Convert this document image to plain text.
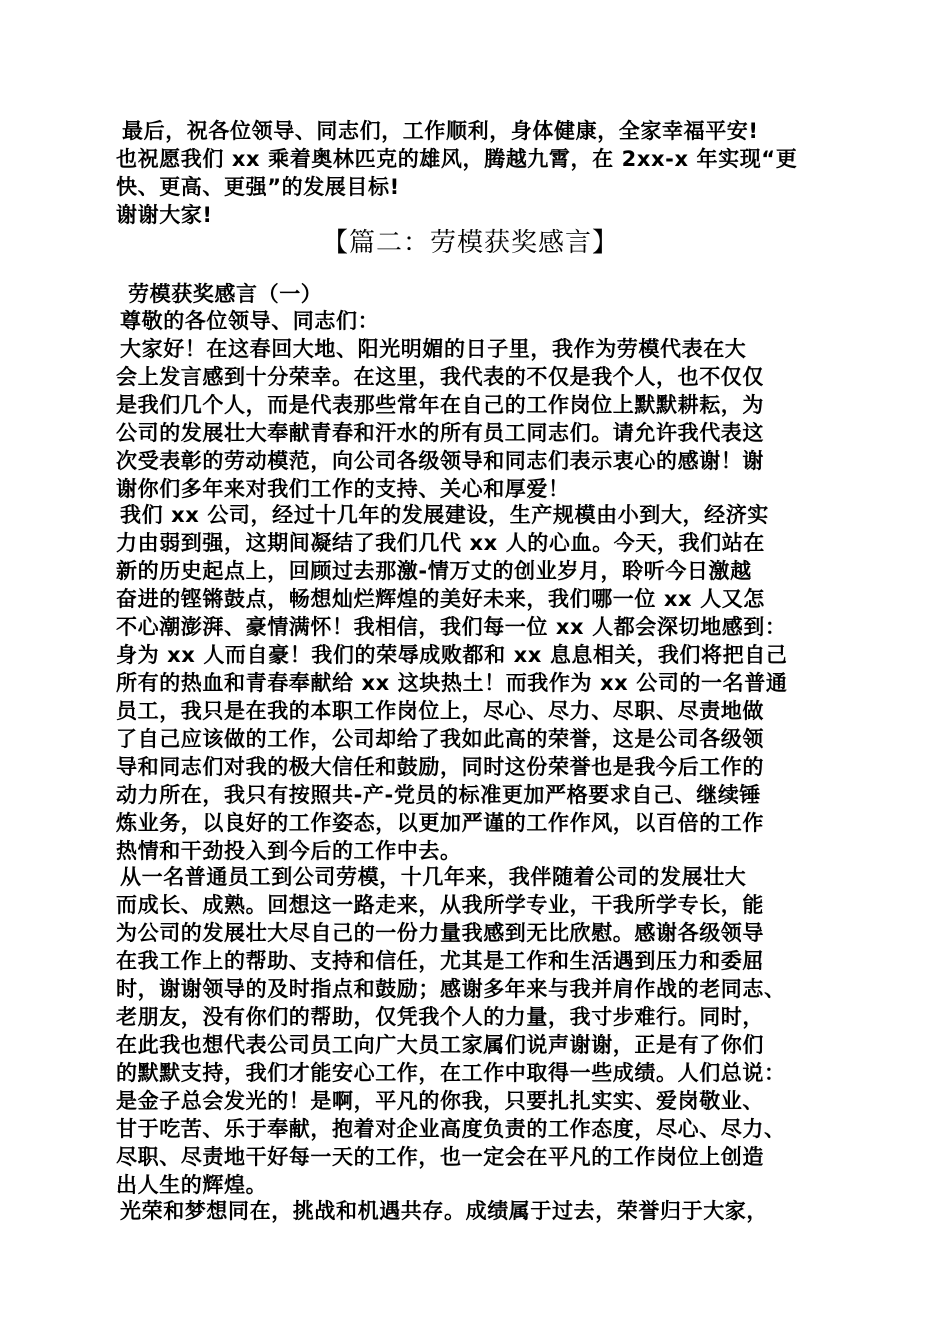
最后，祝各位领导、同志们，工作顺利，身体健康，全家幸福平安!
也祝愿我们 xx 乘着奥林匹克的雄风，腾越九霄，在 2xx-x 年实现“更
快、更高、更强”的发展目标!
谢谢大家!
【篇二：劳模获奖感言】
劳模获奖感言（一）
尊敬的各位领导、同志们：
大家好！在这春回大地、阳光明媚的日子里，我作为劳模代表在大
会上发言感到十分荣幸。在这里，我代表的不仅是我个人，也不仅仅
是我们几个人，而是代表那些常年在自己的工作岗位上默默耕耘，为
公司的发展壮大奉献青春和汗水的所有员工同志们。请允许我代表这
次受表彰的劳动模范，向公司各级领导和同志们表示衷心的感谢！谢
谢你们多年来对我们工作的支持、关心和厚爱！
我们 xx 公司，经过十几年的发展建设，生产规模由小到大，经济实
力由弱到强，这期间凝结了我们几代 xx 人的心血。今天，我们站在
新的历史起点上，回顾过去那激-情万丈的创业岁月，聆听今日激越
奋进的铿锵鼓点，畅想灿烂辉煌的美好未来，我们哪一位 xx 人又怎
不心潮澎湃、豪情满怀！我相信，我们每一位 xx 人都会深切地感到：
身为 xx 人而自豪！我们的荣辱成败都和 xx 息息相关，我们将把自己
所有的热血和青春奉献给 xx 这块热土！而我作为 xx 公司的一名普通
员工，我只是在我的本职工作岗位上，尽心、尽力、尽职、尽责地做
了自己应该做的工作，公司却给了我如此高的荣誉，这是公司各级领
导和同志们对我的极大信任和鼓励，同时这份荣誉也是我今后工作的
动力所在，我只有按照共-产-党员的标准更加严格要求自己、继续锤
炼业务，以良好的工作姿态，以更加严谨的工作作风，以百倍的工作
热情和干劲投入到今后的工作中去。
从一名普通员工到公司劳模，十几年来，我伴随着公司的发展壮大
而成长、成熟。回想这一路走来，从我所学专业，干我所学专长，能
为公司的发展壮大尽自己的一份力量我感到无比欣慰。感谢各级领导
在我工作上的帮助、支持和信任，尤其是工作和生活遇到压力和委屈
时，谢谢领导的及时指点和鼓励；感谢多年来与我并肩作战的老同志、
老朋友，没有你们的帮助，仅凭我个人的力量，我寸步难行。同时，
在此我也想代表公司员工向广大员工家属们说声谢谢，正是有了你们
的默默支持，我们才能安心工作，在工作中取得一些成绩。人们总说：
是金子总会发光的！是啊，平凡的你我，只要扎扎实实、爱岗敬业、
甘于吃苦、乐于奉献，抱着对企业高度负责的工作态度，尽心、尽力、
尽职、尽责地干好每一天的工作，也一定会在平凡的工作岗位上创造
出人生的辉煌。
光荣和梦想同在，挑战和机遇共存。成绩属于过去，荣誉归于大家，
